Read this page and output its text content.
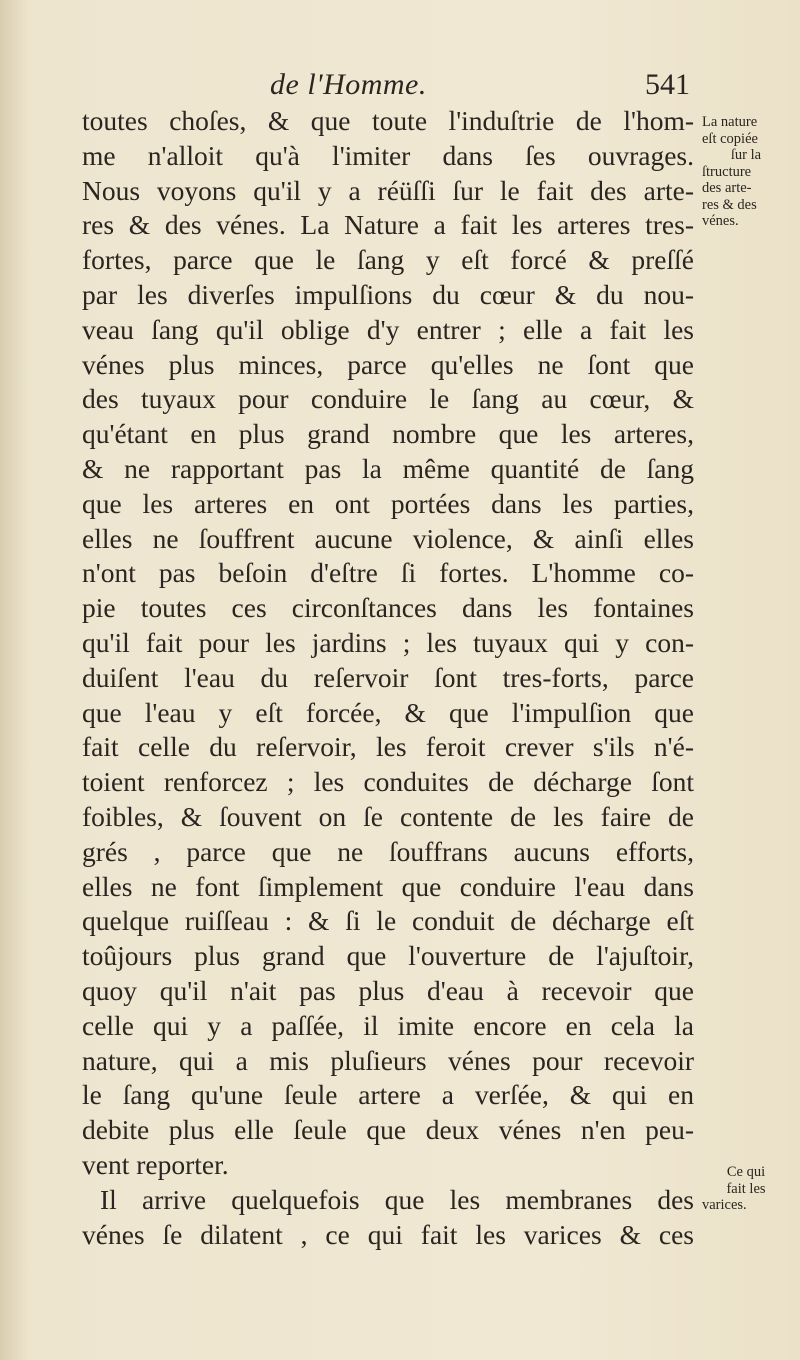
de l'Homme.	541
toutes choſes, & que toute l'induſtrie de l'hom-
me n'alloit qu'à l'imiter dans ſes ouvrages.
Nous voyons qu'il y a réüſſi ſur le fait des arte-
res & des vénes. La Nature a fait les arteres tres-
fortes, parce que le ſang y eſt forcé & preſſé
par les diverſes impulſions du cœur & du nou-
veau ſang qu'il oblige d'y entrer ; elle a fait les
vénes plus minces, parce qu'elles ne ſont que
des tuyaux pour conduire le ſang au cœur, &
qu'étant en plus grand nombre que les arteres,
& ne rapportant pas la même quantité de ſang
que les arteres en ont portées dans les parties,
elles ne ſouffrent aucune violence, & ainſi elles
n'ont pas beſoin d'eſtre ſi fortes. L'homme co-
pie toutes ces circonſtances dans les fontaines
qu'il fait pour les jardins ; les tuyaux qui y con-
duiſent l'eau du reſervoir ſont tres-forts, parce
que l'eau y eſt forcée, & que l'impulſion que
fait celle du reſervoir, les feroit crever s'ils n'é-
toient renforcez ; les conduites de décharge ſont
foibles, & ſouvent on ſe contente de les faire de
grés , parce que ne ſouffrans aucuns efforts,
elles ne font ſimplement que conduire l'eau dans
quelque ruiſſeau : & ſi le conduit de décharge eſt
toûjours plus grand que l'ouverture de l'ajuſtoir,
quoy qu'il n'ait pas plus d'eau à recevoir que
celle qui y a paſſée, il imite encore en cela la
nature, qui a mis pluſieurs vénes pour recevoir
le ſang qu'une ſeule artere a verſée, & qui en
debite plus elle ſeule que deux vénes n'en peu-
vent reporter.
Il arrive quelquefois que les membranes des
vénes ſe dilatent , ce qui fait les varices & ces
La nature
eſt copiée
ſur la
ſtructure
des arte-
res & des
vénes.
Ce qui
fait les
varices.
